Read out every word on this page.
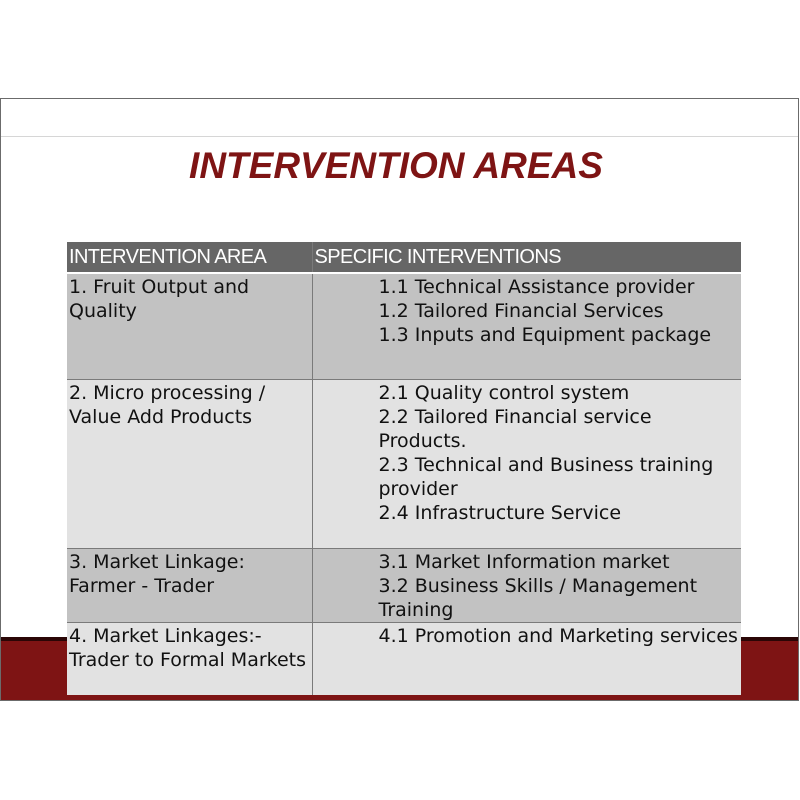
INTERVENTION AREAS
INTERVENTION AREA	SPECIFIC INTERVENTIONS
1. Fruit Output and Quality	1.1 Technical Assistance provider
1.2 Tailored Financial Services
1.3 Inputs and Equipment package

2. Micro processing / Value Add Products	2.1 Quality control system
2.2 Tailored Financial service Products.
2.3 Technical and Business training provider
2.4 Infrastructure Service

3. Market Linkage: Farmer - Trader	3.1 Market Information market
3.2 Business Skills / Management Training

4. Market Linkages:- Trader to Formal Markets	4.1 Promotion and Marketing services
